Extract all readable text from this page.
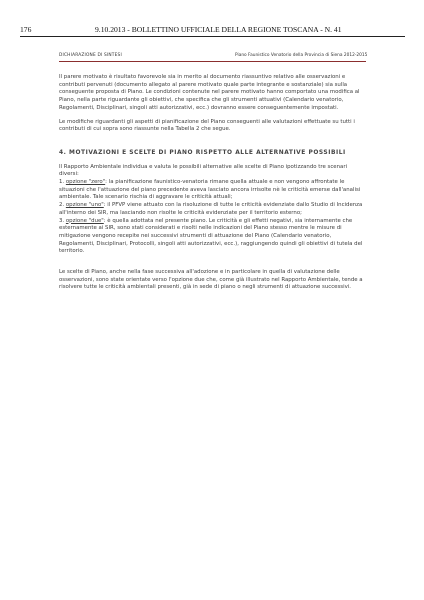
176	9.10.2013 - BOLLETTINO UFFICIALE DELLA REGIONE TOSCANA - N. 41
DICHIARAZIONE DI SINTESI	Piano Faunistico Venatorio della Provincia di Siena 2012-2015

Il parere motivato è risultato favorevole sia in merito al documento riassuntivo relativo alle osservazioni e contributi pervenuti (documento allegato al parere motivato quale parte integrante e sostanziale) sia sulla conseguente proposta di Piano. Le condizioni contenute nel parere motivato hanno comportato una modifica al Piano, nella parte riguardante gli obiettivi, che specifica che gli strumenti attuativi (Calendario venatorio, Regolamenti, Disciplinari, singoli atti autorizzativi, ecc.) dovranno essere conseguentemente impostati.

Le modifiche riguardanti gli aspetti di pianificazione del Piano conseguenti alle valutazioni effettuate su tutti i contributi di cui sopra sono riassunte nella Tabella 2 che segue.

4. MOTIVAZIONI E SCELTE DI PIANO RISPETTO ALLE ALTERNATIVE POSSIBILI

Il Rapporto Ambientale individua e valuta le possibili alternative alle scelte di Piano ipotizzando tre scenari diversi:

1. opzione "zero": la pianificazione faunistico-venatoria rimane quella attuale e non vengono affrontate le situazioni che l'attuazione del piano precedente aveva lasciato ancora irrisolte nè le criticità emerse dall'analisi ambientale. Tale scenario rischia di aggravare le criticità attuali;

2. opzione "uno": il PFVP viene attuato con la risoluzione di tutte le criticità evidenziate dallo Studio di Incidenza all'interno dei SIR, ma lasciando non risolte le criticità evidenziate per il territorio esterno;

3. opzione "due": è quella adottata nel presente piano. Le criticità e gli effetti negativi, sia internamente che esternamente ai SIR, sono stati considerati e risolti nelle indicazioni del Piano stesso mentre le misure di mitigazione vengono recepite nei successivi strumenti di attuazione del Piano (Calendario venatorio, Regolamenti, Disciplinari, Protocolli, singoli atti autorizzativi, ecc.), raggiungendo quindi gli obiettivi di tutela del territorio.

Le scelte di Piano, anche nella fase successiva all'adozione e in particolare in quella di valutazione delle osservazioni, sono state orientate verso l'opzione due che, come già illustrato nel Rapporto Ambientale, tende a risolvere tutte le criticità ambientali presenti, già in sede di piano o negli strumenti di attuazione successivi.
